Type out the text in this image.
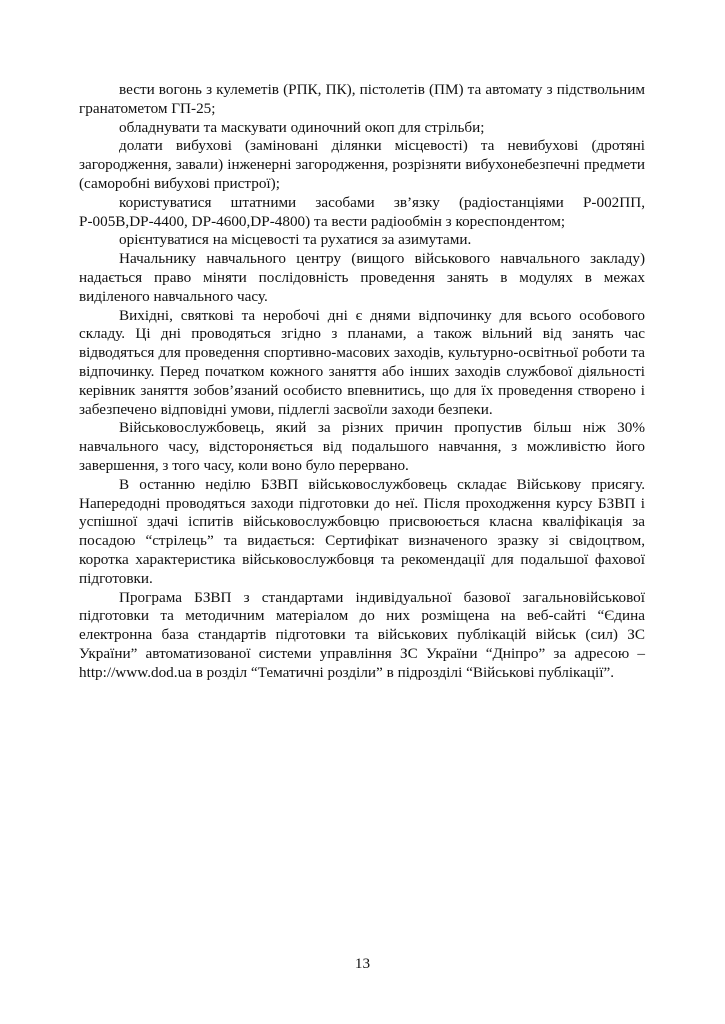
вести вогонь з кулеметів (РПК, ПК), пістолетів (ПМ) та автомату з підствольним гранатометом ГП-25;

обладнувати та маскувати одиночний окоп для стрільби;

долати вибухові (заміновані ділянки місцевості) та невибухові (дротяні загородження, завали) інженерні загородження, розрізняти вибухонебезпечні предмети (саморобні вибухові пристрої);

користуватися штатними засобами зв’язку (радіостанціями Р-002ПП, Р-005В,DP-4400, DP-4600,DP-4800) та вести радіообмін з кореспондентом;

орієнтуватися на місцевості та рухатися за азимутами.

Начальнику навчального центру (вищого військового навчального закладу) надається право міняти послідовність проведення занять в модулях в межах виділеного навчального часу.

Вихідні, святкові та неробочі дні є днями відпочинку для всього особового складу. Ці дні проводяться згідно з планами, а також вільний від занять час відводяться для проведення спортивно-масових заходів, культурно-освітньої роботи та відпочинку. Перед початком кожного заняття або інших заходів службової діяльності керівник заняття зобов’язаний особисто впевнитись, що для їх проведення створено і забезпечено відповідні умови, підлеглі засвоїли заходи безпеки.

Військовослужбовець, який за різних причин пропустив більш ніж 30% навчального часу, відстороняється від подальшого навчання, з можливістю його завершення, з того часу, коли воно було перервано.

В останню неділю БЗВП військовослужбовець складає Військову присягу. Напередодні проводяться заходи підготовки до неї. Після проходження курсу БЗВП і успішної здачі іспитів військовослужбовцю присвоюється класна кваліфікація за посадою “стрілець” та видається: Сертифікат визначеного зразку зі свідоцтвом, коротка характеристика військовослужбовця та рекомендації для подальшої фахової підготовки.

Програма БЗВП з стандартами індивідуальної базової загальновійськової підготовки та методичним матеріалом до них розміщена на веб-сайті “Єдина електронна база стандартів підготовки та військових публікацій військ (сил) ЗС України” автоматизованої системи управління ЗС України “Дніпро” за адресою – http://www.dod.ua в розділ “Тематичні розділи” в підрозділі “Військові публікації”.

13
